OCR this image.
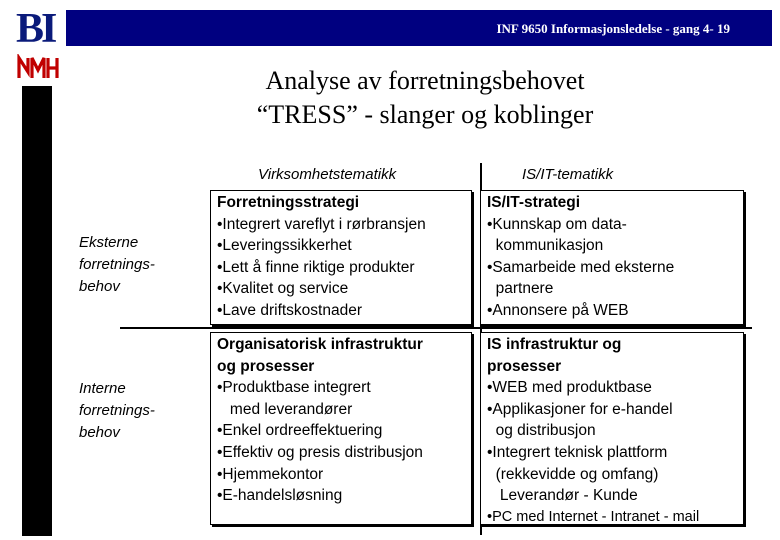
BI
NMH
INF 9650 Informasjonsledelse - gang 4- 19
Analyse av forretningsbehovet
“TRESS” - slanger og koblinger
Virksomhetstematikk	IS/IT-tematikk
Eksterne
forretnings-
behov
Interne
forretnings-
behov
Forretningsstrategi
•Integrert vareflyt i rørbransjen
•Leveringssikkerhet
•Lett å finne riktige produkter
•Kvalitet og service
•Lave driftskostnader
IS/IT-strategi
•Kunnskap om data-
kommunikasjon
•Samarbeide med eksterne
partnere
•Annonsere på WEB
Organisatorisk infrastruktur
og prosesser
•Produktbase integrert
med leverandører
•Enkel ordreeffektuering
•Effektiv og presis distribusjon
•Hjemmekontor
•E-handelsløsning
IS infrastruktur og
prosesser
•WEB med produktbase
•Applikasjoner for e-handel
og distribusjon
•Integrert teknisk plattform
(rekkevidde og omfang)
Leverandør - Kunde
•PC med Internet - Intranet - mail
